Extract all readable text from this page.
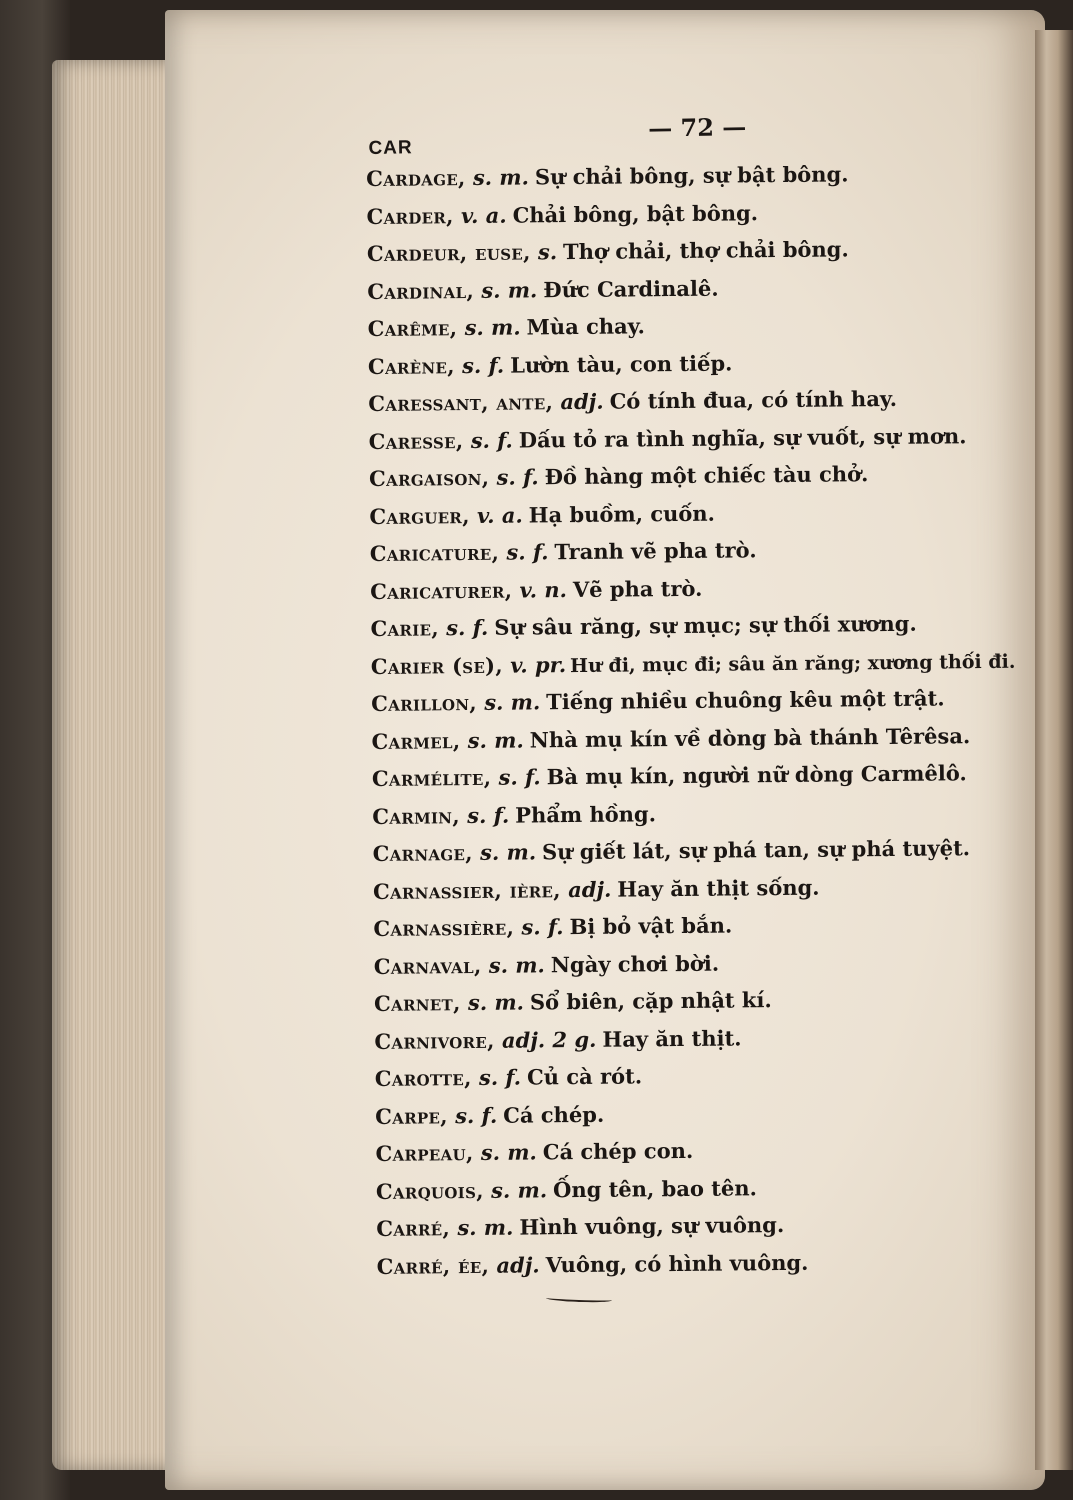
CAR
— 72 —
Cardage, s. m. Sự chải bông, sự bật bông.
Carder, v. a. Chải bông, bật bông.
Cardeur, euse, s. Thợ chải, thợ chải bông.
Cardinal, s. m. Đức Cardinalê.
Carême, s. m. Mùa chay.
Carène, s. f. Lườn tàu, con tiếp.
Caressant, ante, adj. Có tính đua, có tính hay.
Caresse, s. f. Dấu tỏ ra tình nghĩa, sự vuốt, sự mơn.
Cargaison, s. f. Đồ hàng một chiếc tàu chở.
Carguer, v. a. Hạ buồm, cuốn.
Caricature, s. f. Tranh vẽ pha trò.
Caricaturer, v. n. Vẽ pha trò.
Carie, s. f. Sự sâu răng, sự mục; sự thối xương.
Carier (se), v. pr. Hư đi, mục đi; sâu ăn răng; xương thối đi.
Carillon, s. m. Tiếng nhiều chuông kêu một trật.
Carmel, s. m. Nhà mụ kín về dòng bà thánh Têrêsa.
Carmélite, s. f. Bà mụ kín, người nữ dòng Carmêlô.
Carmin, s. f. Phẩm hồng.
Carnage, s. m. Sự giết lát, sự phá tan, sự phá tuyệt.
Carnassier, ière, adj. Hay ăn thịt sống.
Carnassière, s. f. Bị bỏ vật bắn.
Carnaval, s. m. Ngày chơi bời.
Carnet, s. m. Sổ biên, cặp nhật kí.
Carnivore, adj. 2 g. Hay ăn thịt.
Carotte, s. f. Củ cà rót.
Carpe, s. f. Cá chép.
Carpeau, s. m. Cá chép con.
Carquois, s. m. Ống tên, bao tên.
Carré, s. m. Hình vuông, sự vuông.
Carré, ée, adj. Vuông, có hình vuông.
